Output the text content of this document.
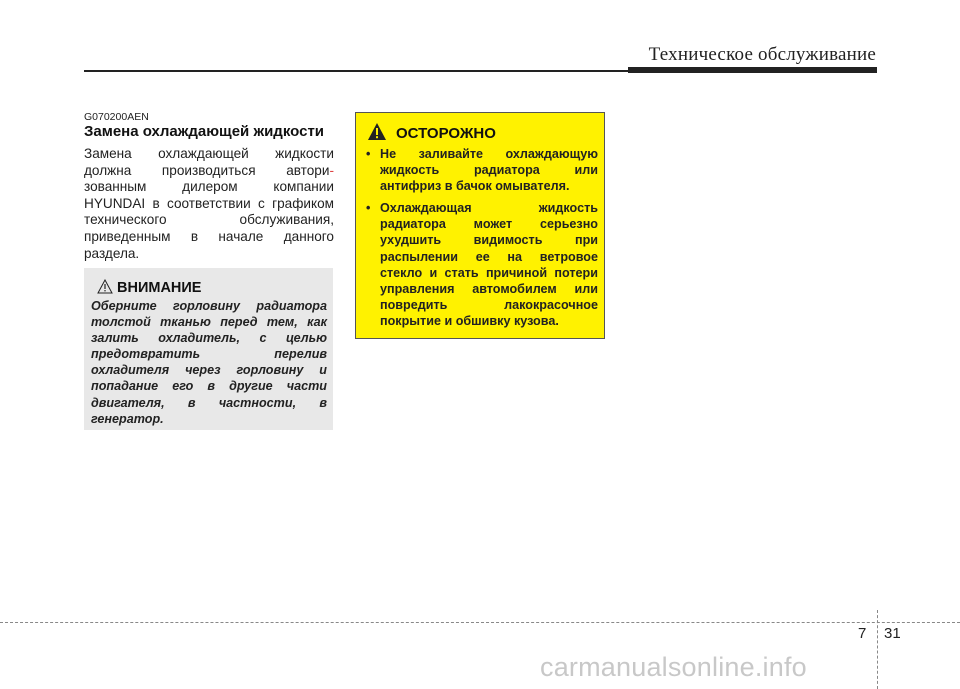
Техническое обслуживание
G070200AEN
Замена охлаждающей жидкости

Замена охлаждающей жидкости должна производиться автори- зованным дилером компании HYUNDAI в соответствии с графиком технического обслуживания, приведенным в начале данного раздела.

ВНИМАНИЕ

Оберните горловину радиатора толстой тканью перед тем, как залить охладитель, с целью предотвратить перелив охладителя через горловину и попадание его в другие части двигателя, в частности, в генератор.

ОСТОРОЖНО
• Не заливайте охлаждающую жидкость радиатора или антифриз в бачок омывателя.
• Охлаждающая жидкость радиатора может серьезно ухудшить видимость при распылении ее на ветровое стекло и стать причиной потери управления автомобилем или повредить лакокрасочное покрытие и обшивку кузова.
7 31
carmanualsonline.info
